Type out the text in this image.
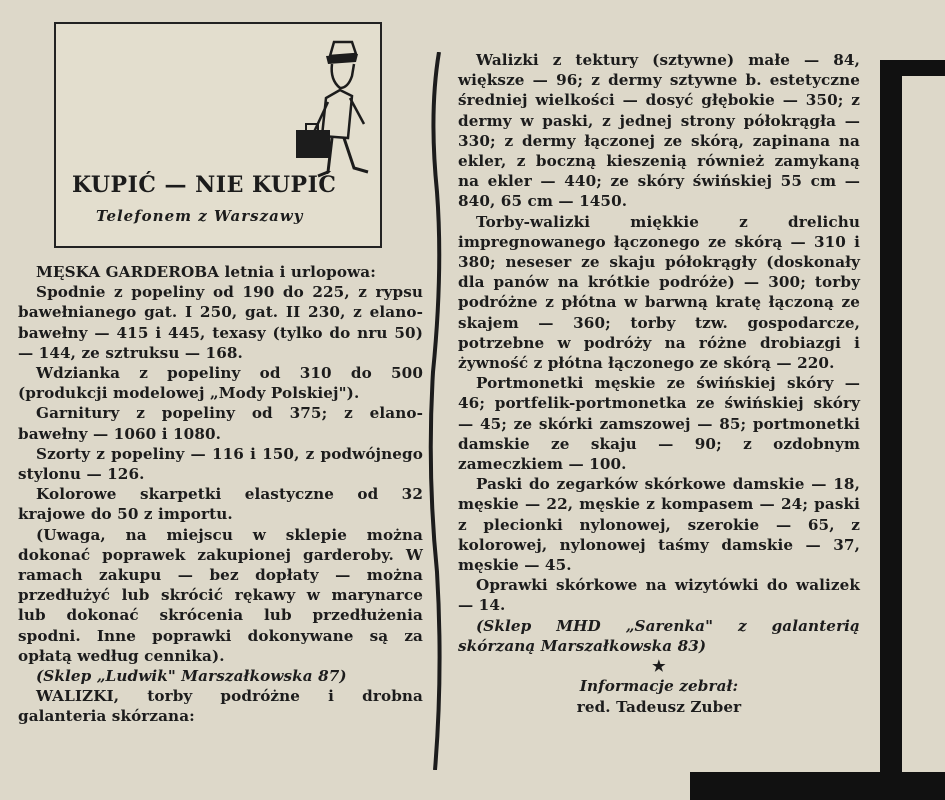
KUPIĆ — NIE KUPIĆ
Telefonem z Warszawy

MĘSKA GARDEROBA letnia i urlopowa:

Spodnie z popeliny od 190 do 225, z rypsu bawełnianego gat. I 250, gat. II 230, z elano-bawełny — 415 i 445, texasy (tylko do nru 50) — 144, ze sztruksu — 168.

Wdzianka z popeliny od 310 do 500 (produkcji modelowej „Mody Polskiej").

Garnitury z popeliny od 375; z elano-bawełny — 1060 i 1080.

Szorty z popeliny — 116 i 150, z podwójnego stylonu — 126.

Kolorowe skarpetki elastyczne od 32 krajowe do 50 z importu.

(Uwaga, na miejscu w sklepie można dokonać poprawek zakupionej garderoby. W ramach zakupu — bez dopłaty — można przedłużyć lub skrócić rękawy w marynarce lub dokonać skrócenia lub przedłużenia spodni. Inne poprawki dokonywane są za opłatą według cennika).

(Sklep „Ludwik" Marszałkowska 87)

WALIZKI, torby podróżne i drobna galanteria skórzana:

Walizki z tektury (sztywne) małe — 84, większe — 96; z dermy sztywne b. estetyczne średniej wielkości — dosyć głębokie — 350; z dermy w paski, z jednej strony półokrągła — 330; z dermy łączonej ze skórą, zapinana na ekler, z boczną kieszenią również zamykaną na ekler — 440; ze skóry świńskiej 55 cm — 840, 65 cm — 1450.

Torby-walizki miękkie z drelichu impregnowanego łączonego ze skórą — 310 i 380; neseser ze skaju półokrągły (doskonały dla panów na krótkie podróże) — 300; torby podróżne z płótna w barwną kratę łączoną ze skajem — 360; torby tzw. gospodarcze, potrzebne w podróży na różne drobiazgi i żywność z płótna łączonego ze skórą — 220.

Portmonetki męskie ze świńskiej skóry — 46; portfelik-portmonetka ze świńskiej skóry — 45; ze skórki zamszowej — 85; portmonetki damskie ze skaju — 90; z ozdobnym zameczkiem — 100.

Paski do zegarków skórkowe damskie — 18, męskie — 22, męskie z kompasem — 24; paski z plecionki nylonowej, szerokie — 65, z kolorowej, nylonowej taśmy damskie — 37, męskie — 45.

Oprawki skórkowe na wizytówki do walizek — 14.

(Sklep MHD „Sarenka" z galanterią skórzaną Marszałkowska 83)

★

Informacje zebrał:

red. Tadeusz Zuber
